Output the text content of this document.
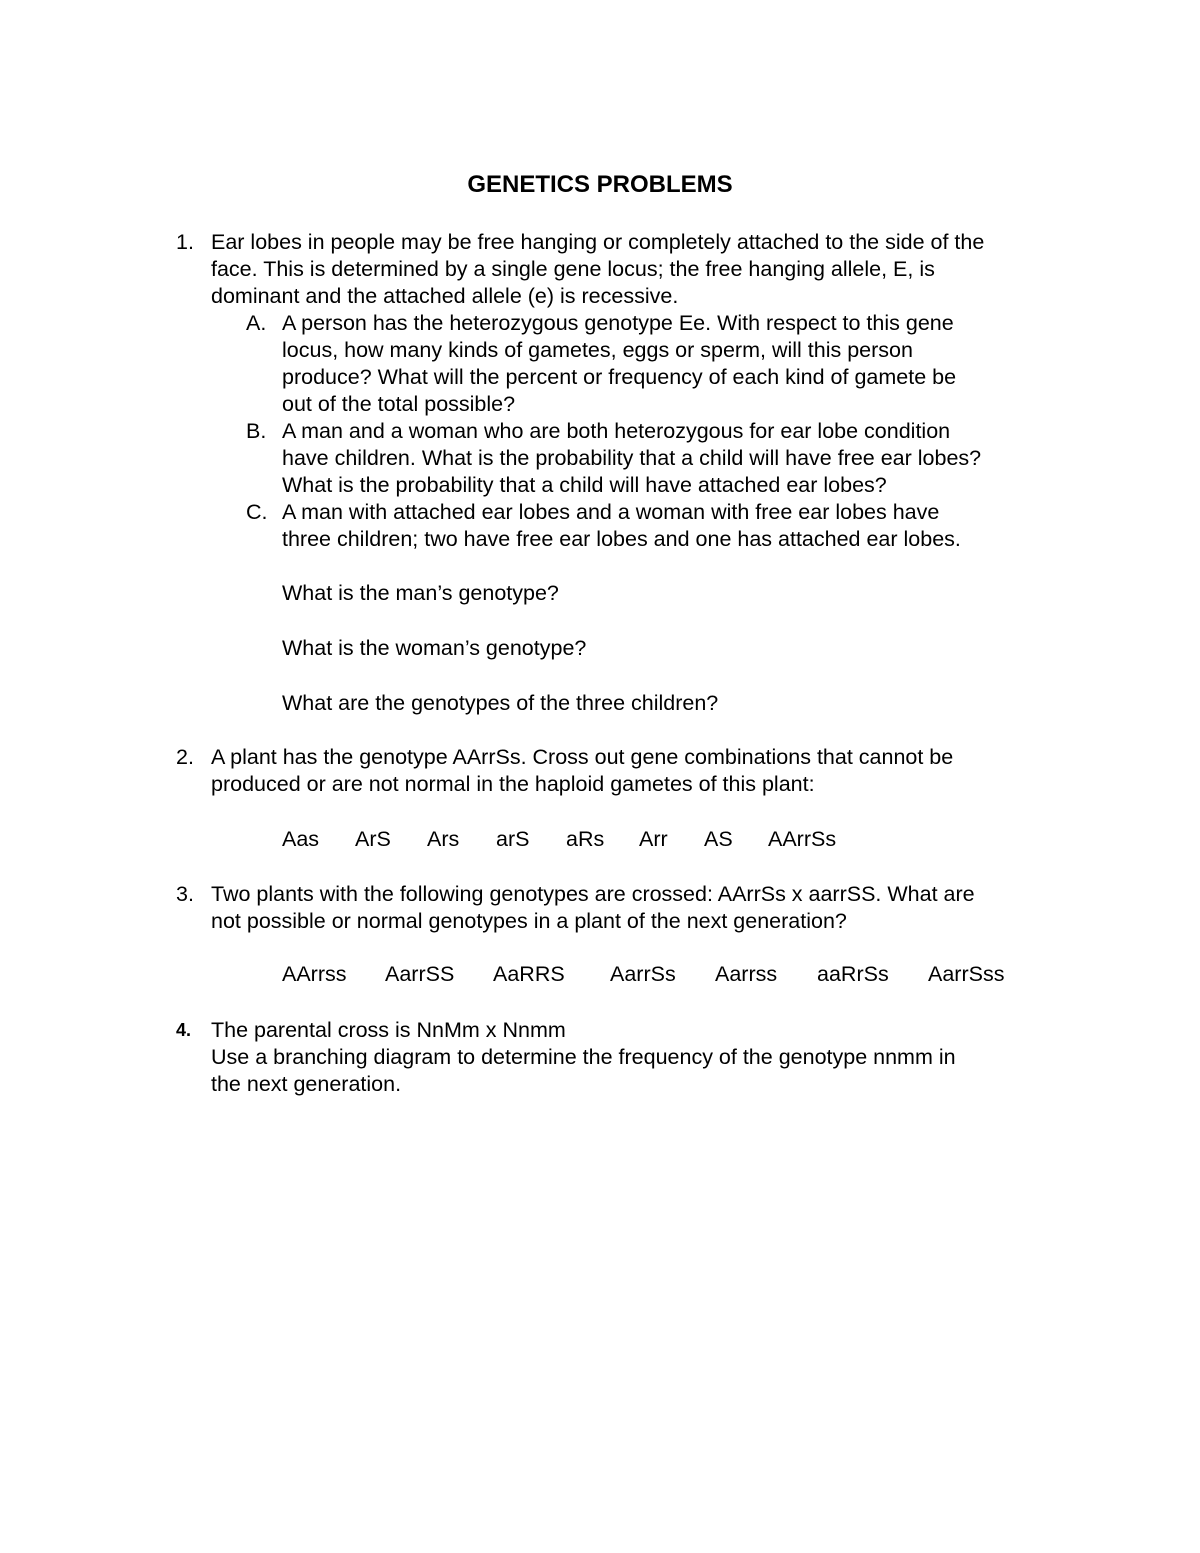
GENETICS PROBLEMS
1. Ear lobes in people may be free hanging or completely attached to the side of the
face. This is determined by a single gene locus; the free hanging allele, E, is
dominant and the attached allele (e) is recessive.
A. A person has the heterozygous genotype Ee. With respect to this gene
locus, how many kinds of gametes, eggs or sperm, will this person
produce? What will the percent or frequency of each kind of gamete be
out of the total possible?
B. A man and a woman who are both heterozygous for ear lobe condition
have children. What is the probability that a child will have free ear lobes?
What is the probability that a child will have attached ear lobes?
C. A man with attached ear lobes and a woman with free ear lobes have
three children; two have free ear lobes and one has attached ear lobes.
What is the man’s genotype?
What is the woman’s genotype?
What are the genotypes of the three children?
2. A plant has the genotype AArrSs. Cross out gene combinations that cannot be
produced or are not normal in the haploid gametes of this plant:
Aas ArS Ars arS aRs Arr AS AArrSs
3. Two plants with the following genotypes are crossed: AArrSs x aarrSS. What are
not possible or normal genotypes in a plant of the next generation?
AArrss AarrSS AaRRS AarrSs Aarrss aaRrSs AarrSss
4. The parental cross is NnMm x Nnmm
Use a branching diagram to determine the frequency of the genotype nnmm in
the next generation.
